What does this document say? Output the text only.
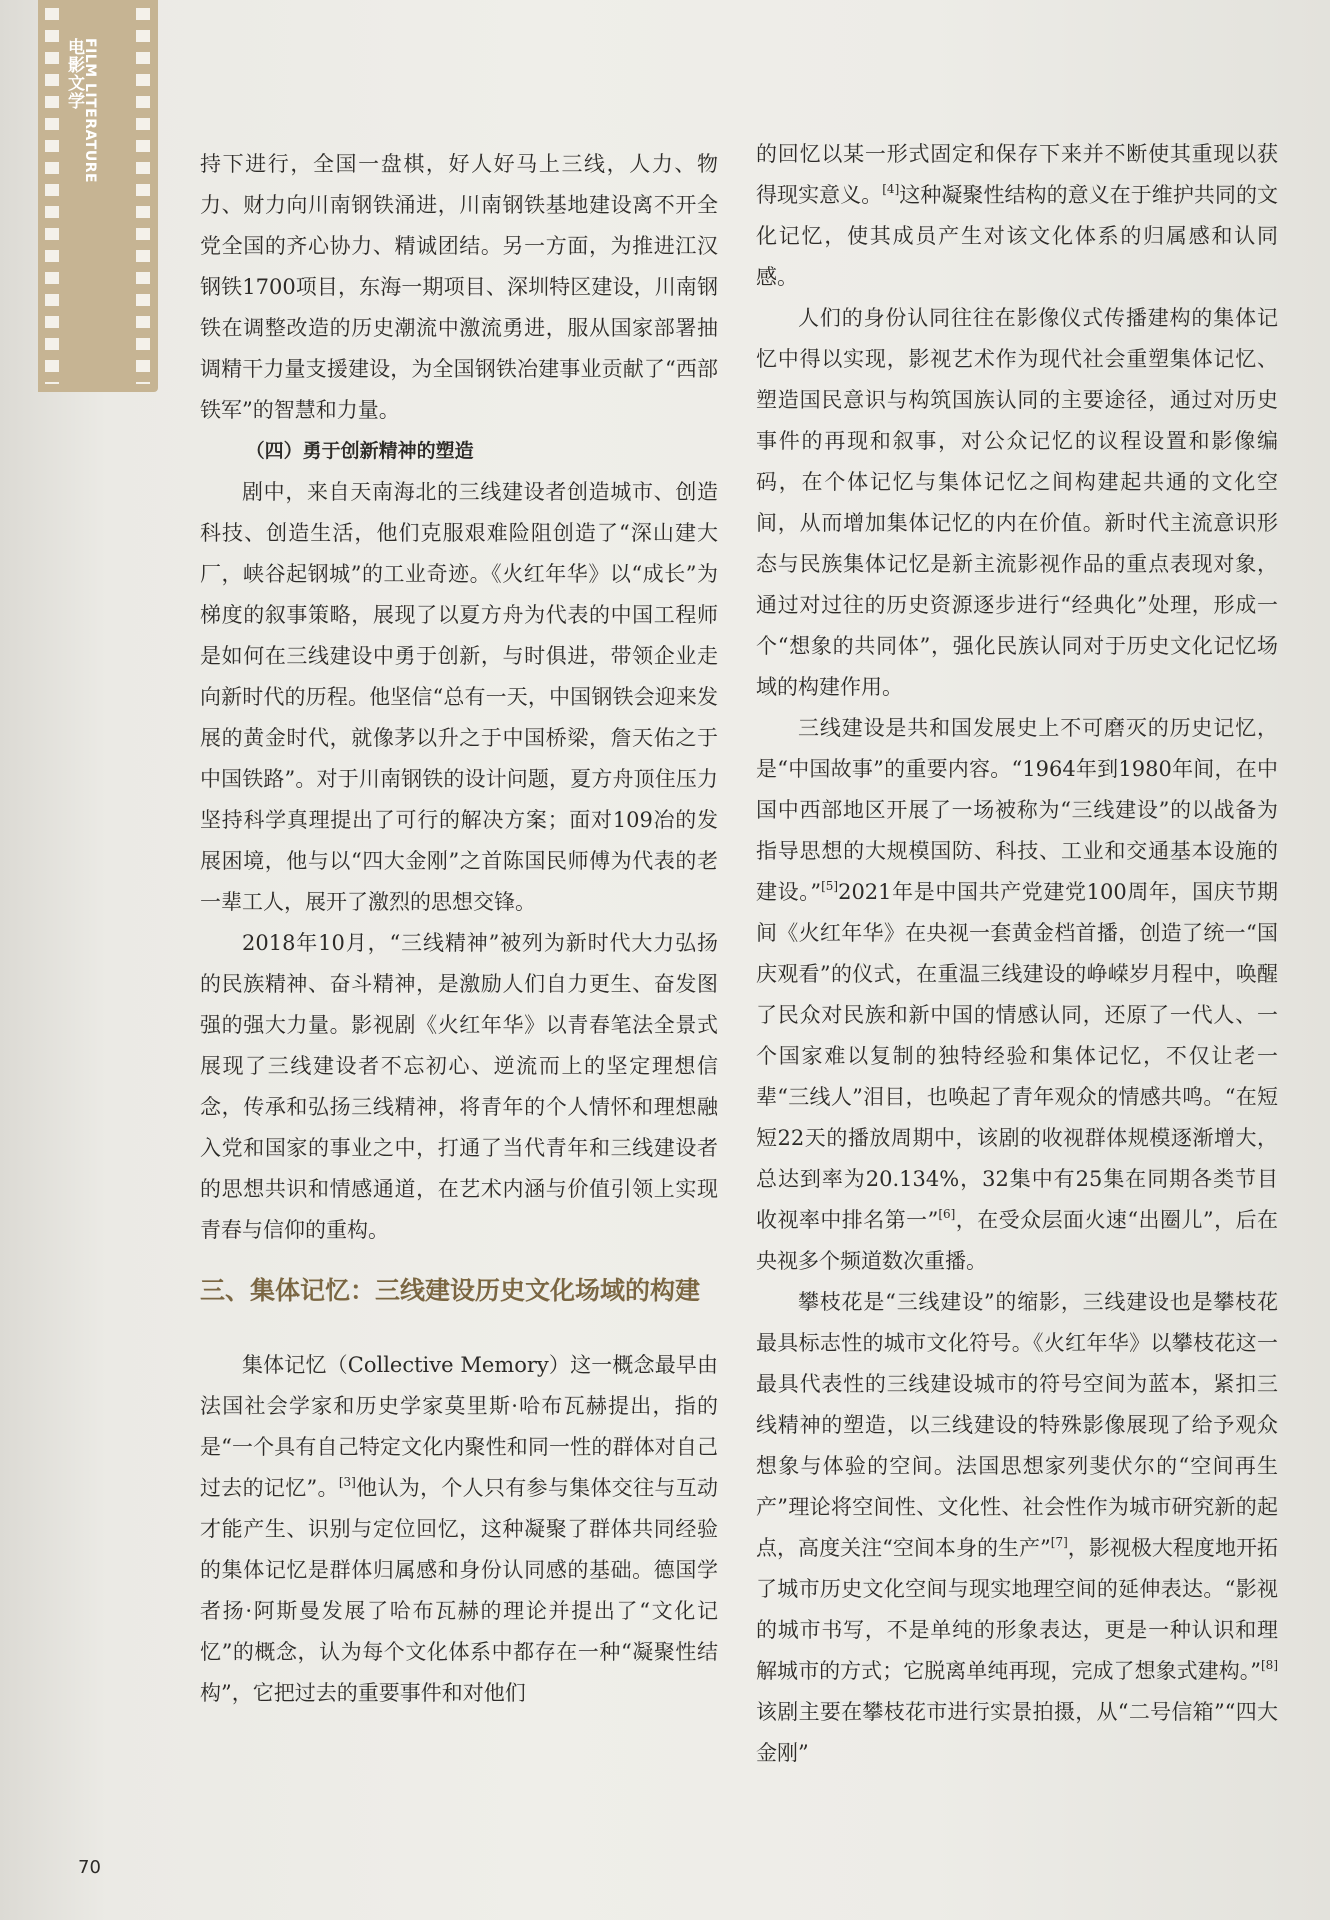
电影文学
FILM LITERATURE	持下进行，全国一盘棋，好人好马上三线，人力、物力、财力向川南钢铁涌进，川南钢铁基地建设离不开全党全国的齐心协力、精诚团结。另一方面，为推进江汉钢铁1700项目，东海一期项目、深圳特区建设，川南钢铁在调整改造的历史潮流中激流勇进，服从国家部署抽调精干力量支援建设，为全国钢铁冶建事业贡献了“西部铁军”的智慧和力量。

（四）勇于创新精神的塑造

剧中，来自天南海北的三线建设者创造城市、创造科技、创造生活，他们克服艰难险阻创造了“深山建大厂，峡谷起钢城”的工业奇迹。《火红年华》以“成长”为梯度的叙事策略，展现了以夏方舟为代表的中国工程师是如何在三线建设中勇于创新，与时俱进，带领企业走向新时代的历程。他坚信“总有一天，中国钢铁会迎来发展的黄金时代，就像茅以升之于中国桥梁，詹天佑之于中国铁路”。对于川南钢铁的设计问题，夏方舟顶住压力坚持科学真理提出了可行的解决方案；面对109冶的发展困境，他与以“四大金刚”之首陈国民师傅为代表的老一辈工人，展开了激烈的思想交锋。

2018年10月，“三线精神”被列为新时代大力弘扬的民族精神、奋斗精神，是激励人们自力更生、奋发图强的强大力量。影视剧《火红年华》以青春笔法全景式展现了三线建设者不忘初心、逆流而上的坚定理想信念，传承和弘扬三线精神，将青年的个人情怀和理想融入党和国家的事业之中，打通了当代青年和三线建设者的思想共识和情感通道，在艺术内涵与价值引领上实现青春与信仰的重构。

三、集体记忆：三线建设历史文化场域的构建

集体记忆（Collective Memory）这一概念最早由法国社会学家和历史学家莫里斯·哈布瓦赫提出，指的是“一个具有自己特定文化内聚性和同一性的群体对自己过去的记忆”。[3]他认为，个人只有参与集体交往与互动才能产生、识别与定位回忆，这种凝聚了群体共同经验的集体记忆是群体归属感和身份认同感的基础。德国学者扬·阿斯曼发展了哈布瓦赫的理论并提出了“文化记忆”的概念，认为每个文化体系中都存在一种“凝聚性结构”，它把过去的重要事件和对他们

的回忆以某一形式固定和保存下来并不断使其重现以获得现实意义。[4]这种凝聚性结构的意义在于维护共同的文化记忆，使其成员产生对该文化体系的归属感和认同感。

人们的身份认同往往在影像仪式传播建构的集体记忆中得以实现，影视艺术作为现代社会重塑集体记忆、塑造国民意识与构筑国族认同的主要途径，通过对历史事件的再现和叙事，对公众记忆的议程设置和影像编码，在个体记忆与集体记忆之间构建起共通的文化空间，从而增加集体记忆的内在价值。新时代主流意识形态与民族集体记忆是新主流影视作品的重点表现对象，通过对过往的历史资源逐步进行“经典化”处理，形成一个“想象的共同体”，强化民族认同对于历史文化记忆场域的构建作用。

三线建设是共和国发展史上不可磨灭的历史记忆，是“中国故事”的重要内容。“1964年到1980年间，在中国中西部地区开展了一场被称为“三线建设”的以战备为指导思想的大规模国防、科技、工业和交通基本设施的建设。”[5]2021年是中国共产党建党100周年，国庆节期间《火红年华》在央视一套黄金档首播，创造了统一“国庆观看”的仪式，在重温三线建设的峥嵘岁月程中，唤醒了民众对民族和新中国的情感认同，还原了一代人、一个国家难以复制的独特经验和集体记忆，不仅让老一辈“三线人”泪目，也唤起了青年观众的情感共鸣。“在短短22天的播放周期中，该剧的收视群体规模逐渐增大，总达到率为20.134%，32集中有25集在同期各类节目收视率中排名第一”[6]，在受众层面火速“出圈儿”，后在央视多个频道数次重播。

攀枝花是“三线建设”的缩影，三线建设也是攀枝花最具标志性的城市文化符号。《火红年华》以攀枝花这一最具代表性的三线建设城市的符号空间为蓝本，紧扣三线精神的塑造，以三线建设的特殊影像展现了给予观众想象与体验的空间。法国思想家列斐伏尔的“空间再生产”理论将空间性、文化性、社会性作为城市研究新的起点，高度关注“空间本身的生产”[7]，影视极大程度地开拓了城市历史文化空间与现实地理空间的延伸表达。“影视的城市书写，不是单纯的形象表达，更是一种认识和理解城市的方式；它脱离单纯再现，完成了想象式建构。”[8]该剧主要在攀枝花市进行实景拍摄，从“二号信箱”“四大金刚”

70
